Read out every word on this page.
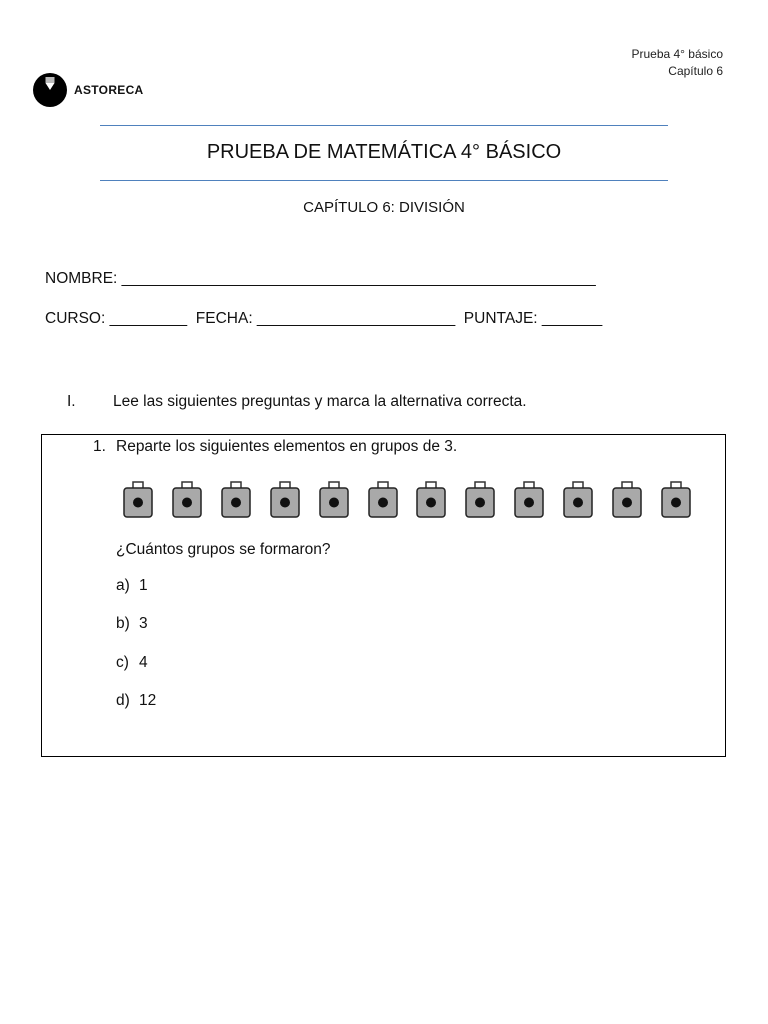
Prueba 4° básico
Capítulo 6
ASTORECA
PRUEBA DE MATEMÁTICA 4° BÁSICO
CAPÍTULO 6: DIVISIÓN
NOMBRE: _______________________________________________________
CURSO: _________  FECHA: _______________________  PUNTAJE: _______
I. Lee las siguientes preguntas y marca la alternativa correcta.
1. Reparte los siguientes elementos en grupos de 3.
¿Cuántos grupos se formaron?
a) 1
b) 3
c) 4
d) 12
